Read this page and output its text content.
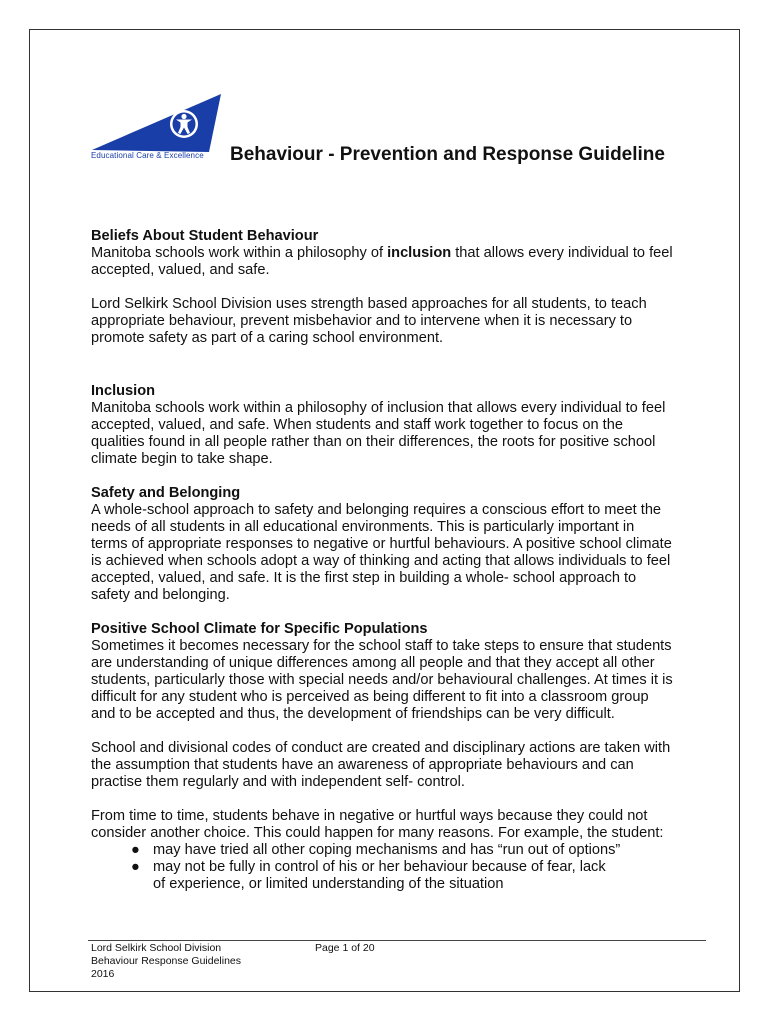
Educational Care & Excellence Behaviour - Prevention and Response Guideline
Beliefs About Student Behaviour

Manitoba schools work within a philosophy of inclusion that allows every individual to feel
accepted, valued, and safe.

Lord Selkirk School Division uses strength based approaches for all students, to teach
appropriate behaviour, prevent misbehavior and to intervene when it is necessary to
promote safety as part of a caring school environment.

Inclusion

Manitoba schools work within a philosophy of inclusion that allows every individual to feel
accepted, valued, and safe. When students and staff work together to focus on the
qualities found in all people rather than on their differences, the roots for positive school
climate begin to take shape.

Safety and Belonging

A whole-school approach to safety and belonging requires a conscious effort to meet the
needs of all students in all educational environments. This is particularly important in
terms of appropriate responses to negative or hurtful behaviours. A positive school climate
is achieved when schools adopt a way of thinking and acting that allows individuals to feel
accepted, valued, and safe. It is the first step in building a whole- school approach to
safety and belonging.

Positive School Climate for Specific Populations

Sometimes it becomes necessary for the school staff to take steps to ensure that students
are understanding of unique differences among all people and that they accept all other
students, particularly those with special needs and/or behavioural challenges. At times it is
difficult for any student who is perceived as being different to fit into a classroom group
and to be accepted and thus, the development of friendships can be very difficult.

School and divisional codes of conduct are created and disciplinary actions are taken with
the assumption that students have an awareness of appropriate behaviours and can
practise them regularly and with independent self- control.

From time to time, students behave in negative or hurtful ways because they could not
consider another choice. This could happen for many reasons. For example, the student:

● may have tried all other coping mechanisms and has “run out of options”
● may not be fully in control of his or her behaviour because of fear, lack
of experience, or limited understanding of the situation
Lord Selkirk School Division
Behaviour Response Guidelines
2016
Page 1 of 20
